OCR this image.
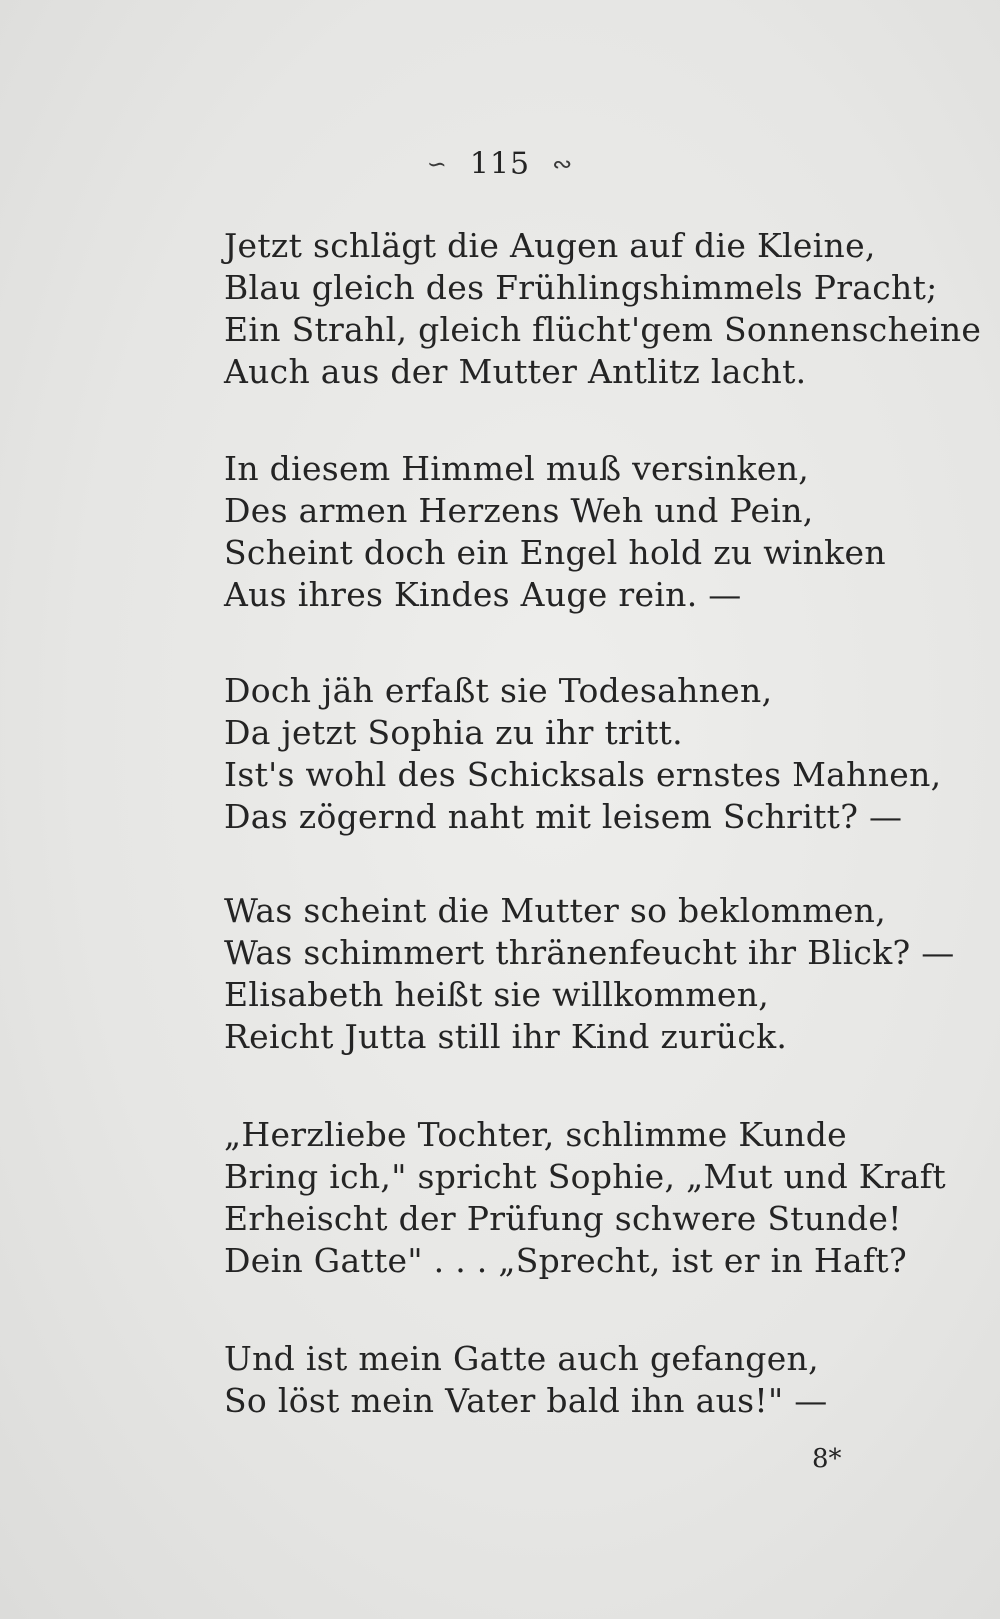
∽ 115 ∾
Jetzt schlägt die Augen auf die Kleine,
Blau gleich des Frühlingshimmels Pracht;
Ein Strahl, gleich flücht'gem Sonnenscheine
Auch aus der Mutter Antlitz lacht.
In diesem Himmel muß versinken,
Des armen Herzens Weh und Pein,
Scheint doch ein Engel hold zu winken
Aus ihres Kindes Auge rein. —
Doch jäh erfaßt sie Todesahnen,
Da jetzt Sophia zu ihr tritt.
Ist's wohl des Schicksals ernstes Mahnen,
Das zögernd naht mit leisem Schritt? —
Was scheint die Mutter so beklommen,
Was schimmert thränenfeucht ihr Blick? —
Elisabeth heißt sie willkommen,
Reicht Jutta still ihr Kind zurück.
„Herzliebe Tochter, schlimme Kunde
Bring ich," spricht Sophie, „Mut und Kraft
Erheischt der Prüfung schwere Stunde!
Dein Gatte" . . . „Sprecht, ist er in Haft?
Und ist mein Gatte auch gefangen,
So löst mein Vater bald ihn aus!" —
8*
